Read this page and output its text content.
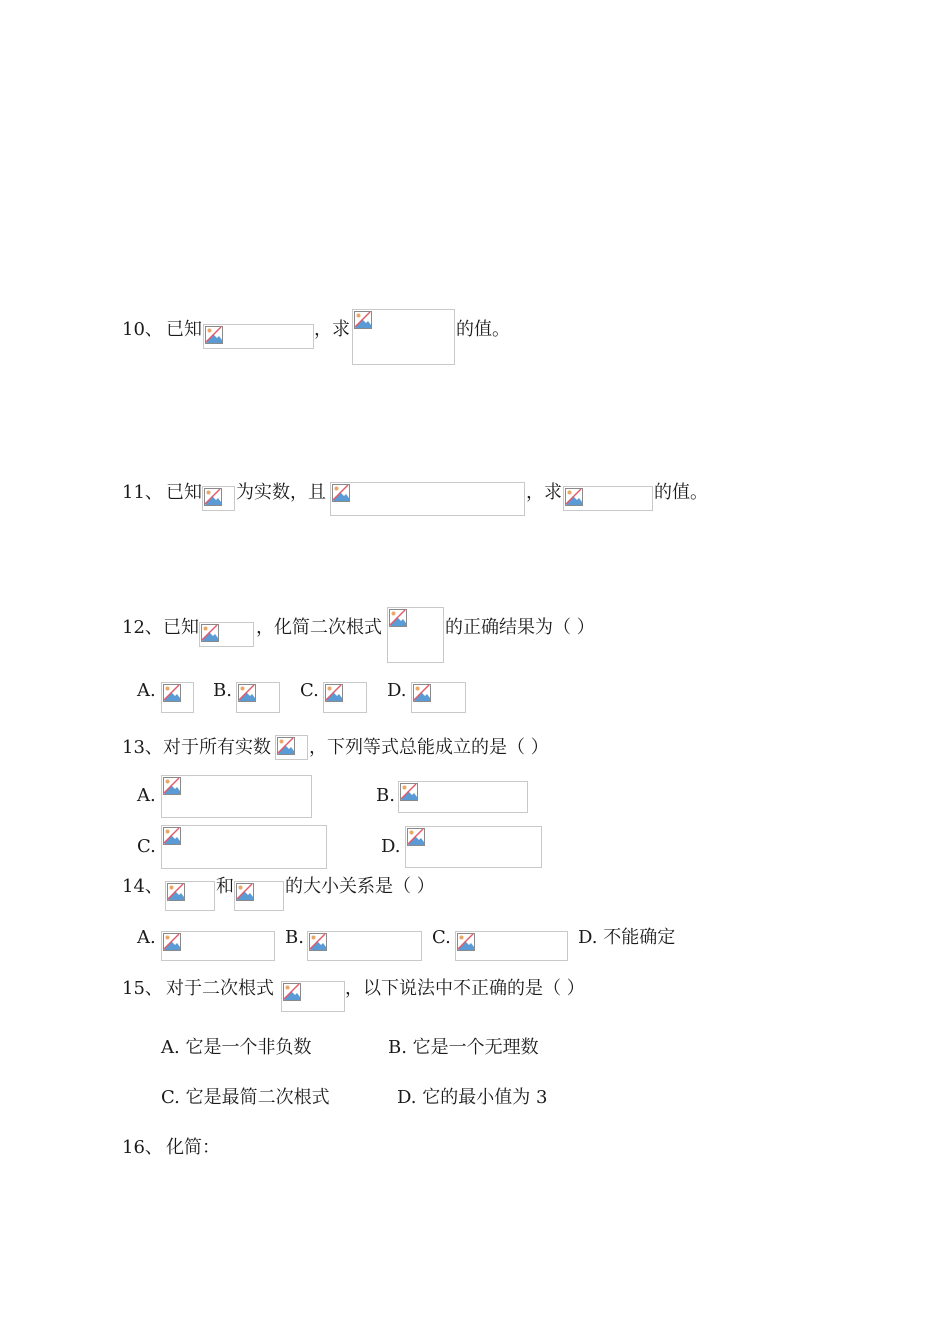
10、 已知	，求	的值。
11、 已知 为实数，且	，求	的值。
12、 已知	，化简二次根式	的正确结果为（ ）
A.	B.	C.	D.
13、 对于所有实数 ，下列等式总能成立的是（ ）
A.	B.
C.	D.
14、	和	的大小关系是（ ）
A.	B.	C.	D. 不能确定
15、 对于二次根式	，以下说法中不正确的是（ ）
A. 它是一个非负数	B. 它是一个无理数
C. 它是最简二次根式	D. 它的最小值为 3
16、 化简：
